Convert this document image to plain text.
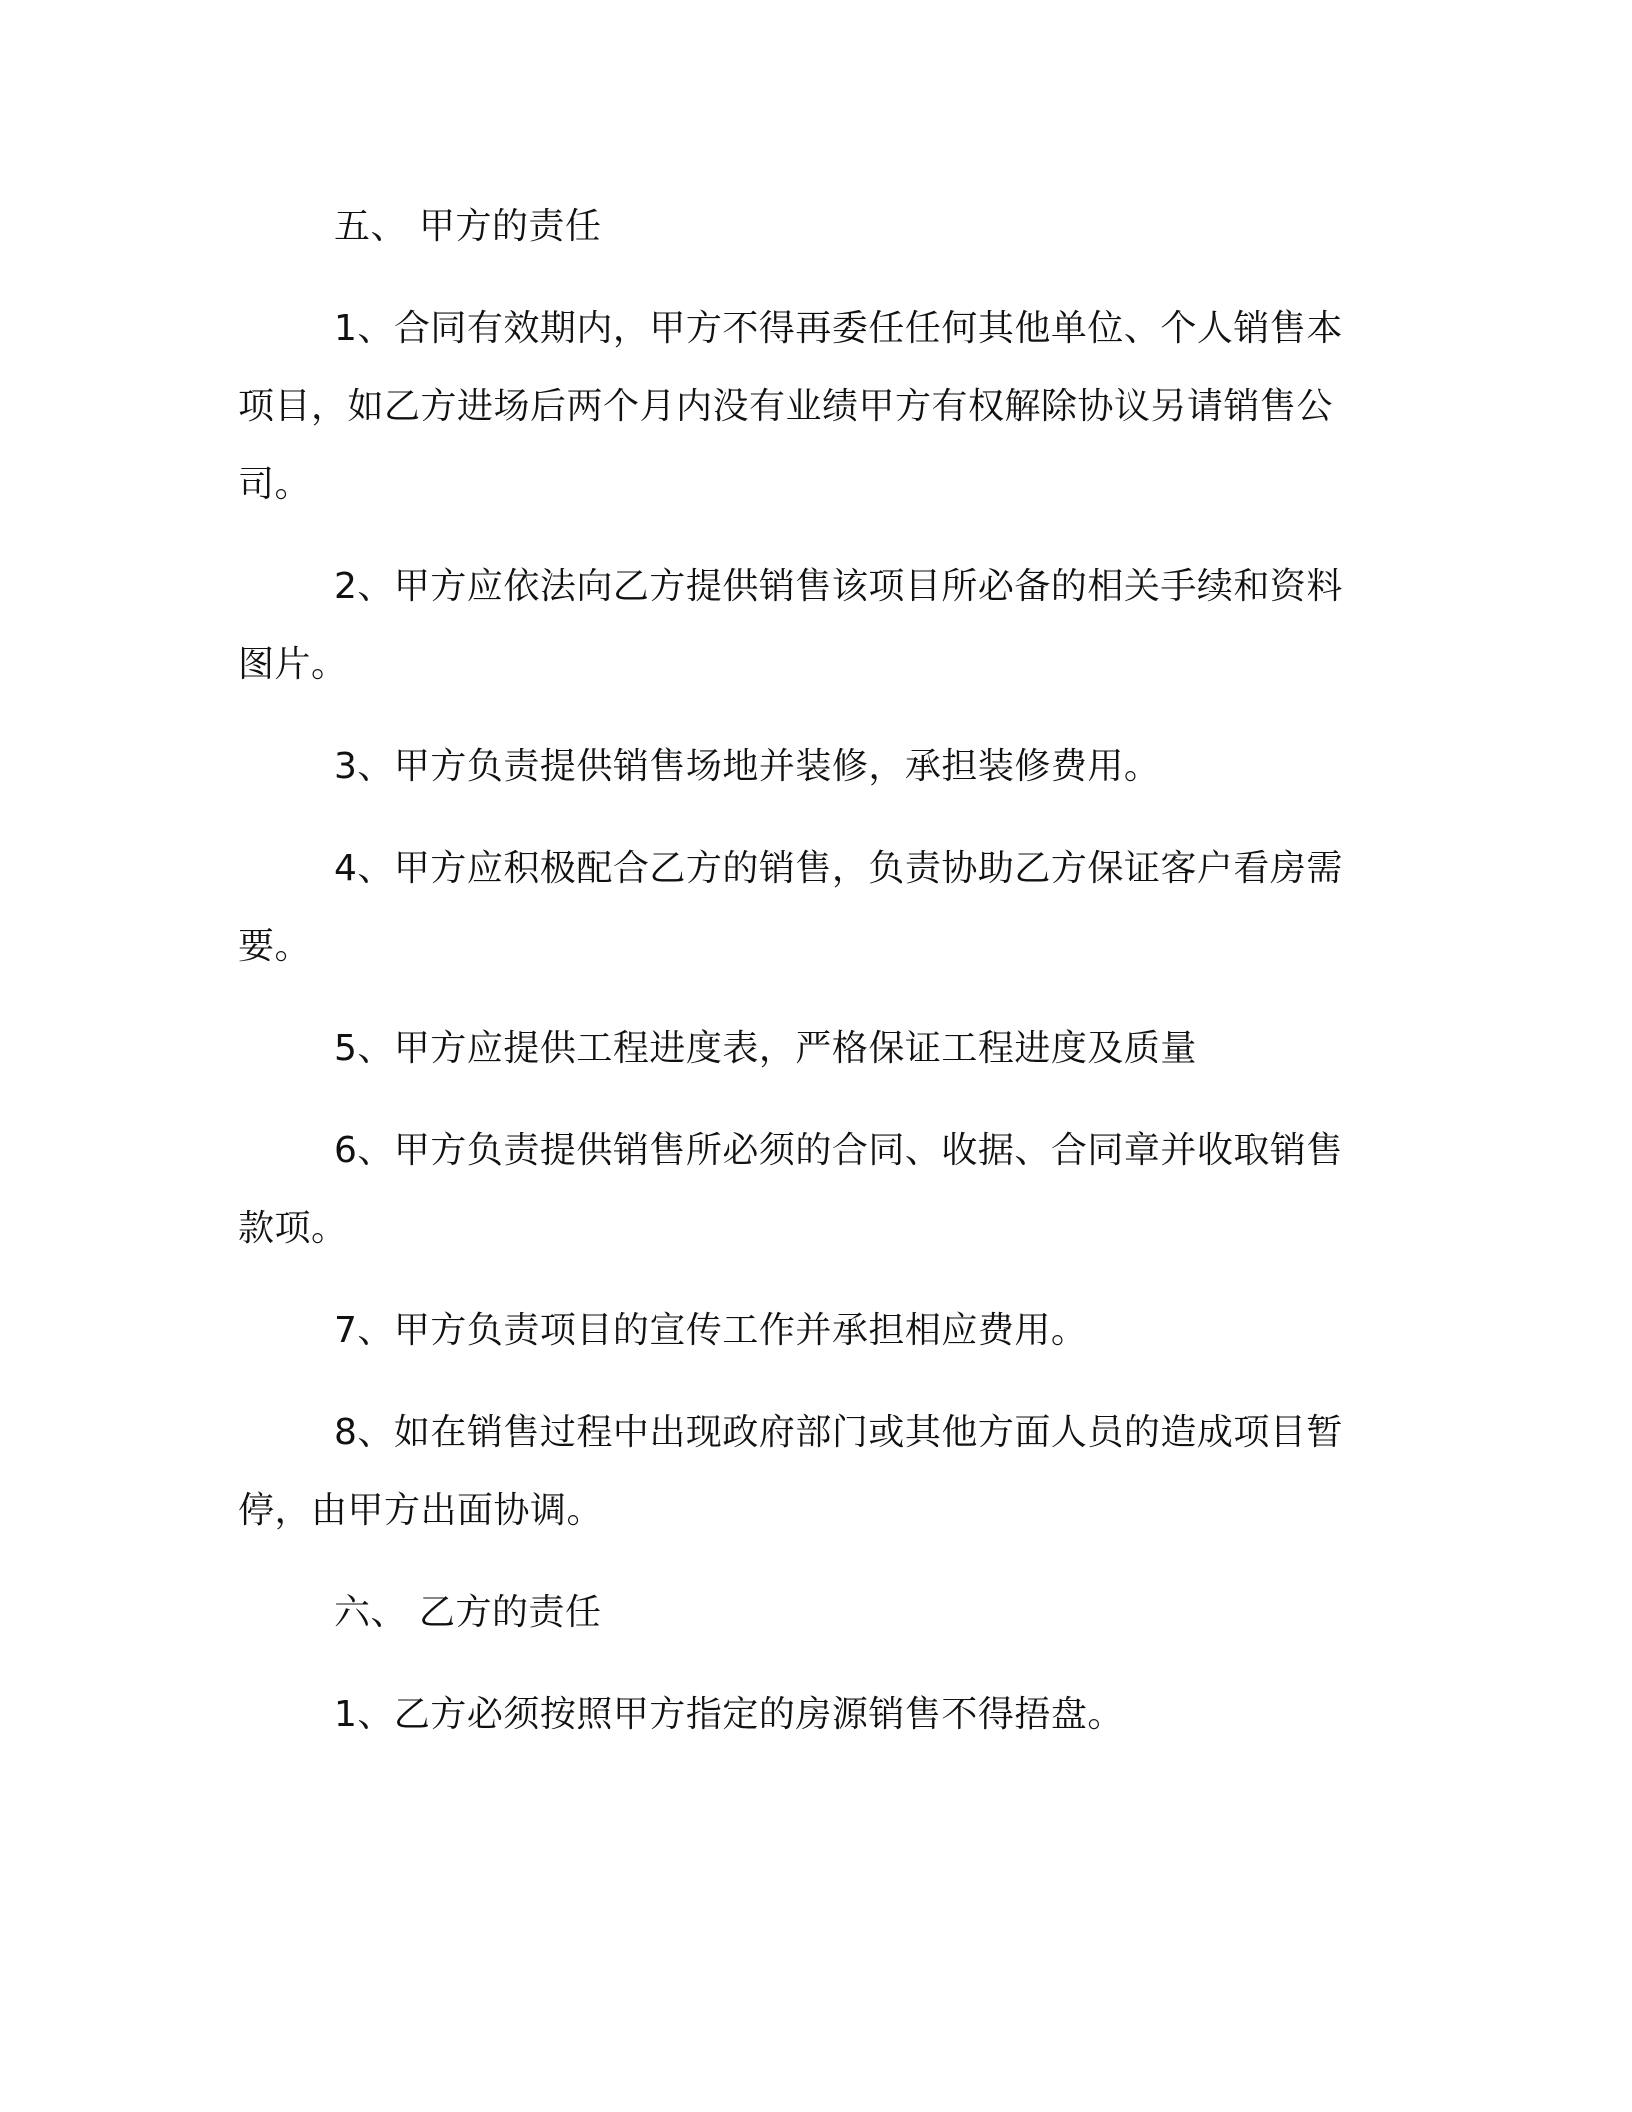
五、 甲方的责任

1、合同有效期内，甲方不得再委任任何其他单位、个人销售本项目，如乙方进场后两个月内没有业绩甲方有权解除协议另请销售公司。

2、甲方应依法向乙方提供销售该项目所必备的相关手续和资料图片。

3、甲方负责提供销售场地并装修，承担装修费用。

4、甲方应积极配合乙方的销售，负责协助乙方保证客户看房需要。

5、甲方应提供工程进度表，严格保证工程进度及质量

6、甲方负责提供销售所必须的合同、收据、合同章并收取销售款项。

7、甲方负责项目的宣传工作并承担相应费用。

8、如在销售过程中出现政府部门或其他方面人员的造成项目暂停，由甲方出面协调。

六、 乙方的责任

1、乙方必须按照甲方指定的房源销售不得捂盘。
